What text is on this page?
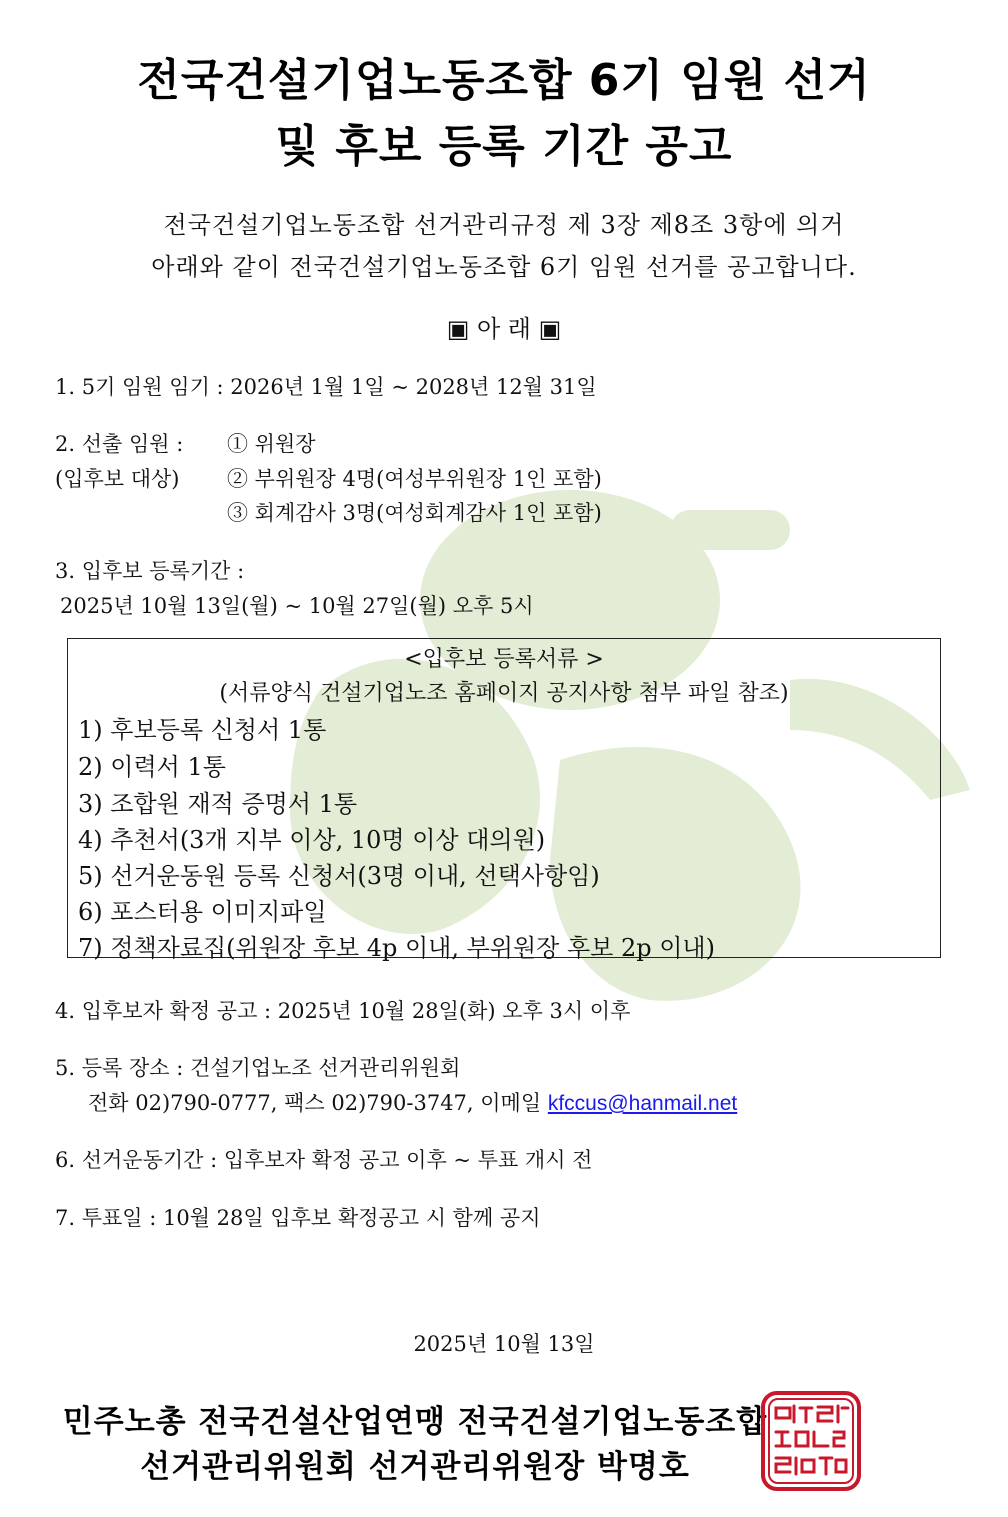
전국건설기업노동조합 6기 임원 선거
및 후보 등록 기간 공고
전국건설기업노동조합 선거관리규정 제 3장 제8조 3항에 의거
아래와 같이 전국건설기업노동조합 6기 임원 선거를 공고합니다.
▣ 아 래 ▣
1. 5기 임원 임기 : 2026년 1월 1일 ~ 2028년 12월 31일
2. 선출 임원 :
(입후보 대상)
① 위원장
② 부위원장 4명(여성부위원장 1인 포함)
③ 회계감사 3명(여성회계감사 1인 포함)
3. 입후보 등록기간 :
2025년 10월 13일(월) ~ 10월 27일(월) 오후 5시
<입후보 등록서류 >
(서류양식 건설기업노조 홈페이지 공지사항 첨부 파일 참조)
1) 후보등록 신청서 1통
2) 이력서 1통
3) 조합원 재적 증명서 1통
4) 추천서(3개 지부 이상, 10명 이상 대의원)
5) 선거운동원 등록 신청서(3명 이내, 선택사항임)
6) 포스터용 이미지파일
7) 정책자료집(위원장 후보 4p 이내, 부위원장 후보 2p 이내)
4. 입후보자 확정 공고 : 2025년 10월 28일(화) 오후 3시 이후
5. 등록 장소 : 건설기업노조 선거관리위원회
전화 02)790-0777, 팩스 02)790-3747, 이메일 kfccus@hanmail.net
6. 선거운동기간 : 입후보자 확정 공고 이후 ~ 투표 개시 전
7. 투표일 : 10월 28일 입후보 확정공고 시 함께 공지
2025년 10월 13일
민주노총 전국건설산업연맹 전국건설기업노동조합
선거관리위원회 선거관리위원장 박명호
